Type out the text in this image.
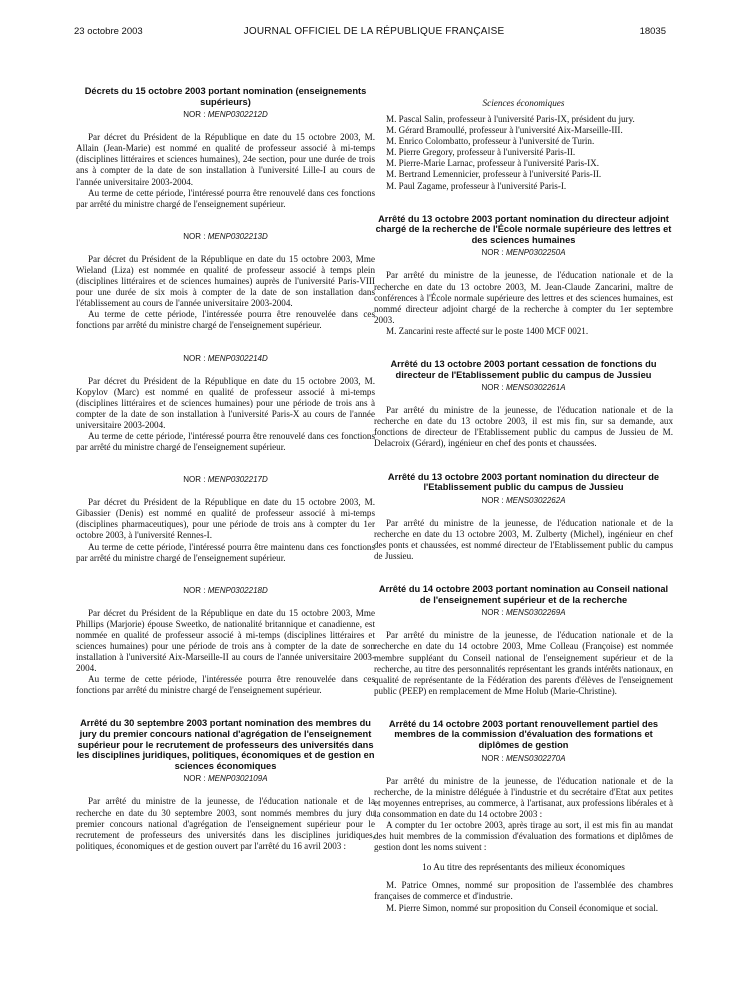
23 octobre 2003	JOURNAL OFFICIEL DE LA RÉPUBLIQUE FRANÇAISE	18035
Décrets du 15 octobre 2003 portant nomination (enseignements supérieurs)
NOR : MENP0302212D

Par décret du Président de la République en date du 15 octobre 2003, M. Allain (Jean-Marie) est nommé en qualité de professeur associé à mi-temps (disciplines littéraires et sciences humaines), 24e section, pour une durée de trois ans à compter de la date de son installation à l'université Lille-I au cours de l'année universitaire 2003-2004.

Au terme de cette période, l'intéressé pourra être renouvelé dans ces fonctions par arrêté du ministre chargé de l'enseignement supérieur.

NOR : MENP0302213D

Par décret du Président de la République en date du 15 octobre 2003, Mme Wieland (Liza) est nommée en qualité de professeur associé à temps plein (disciplines littéraires et de sciences humaines) auprès de l'université Paris-VIII pour une durée de six mois à compter de la date de son installation dans l'établissement au cours de l'année universitaire 2003-2004.

Au terme de cette période, l'intéressée pourra être renouvelée dans ces fonctions par arrêté du ministre chargé de l'enseignement supérieur.

NOR : MENP0302214D

Par décret du Président de la République en date du 15 octobre 2003, M. Kopylov (Marc) est nommé en qualité de professeur associé à mi-temps (disciplines littéraires et de sciences humaines) pour une période de trois ans à compter de la date de son installation à l'université Paris-X au cours de l'année universitaire 2003-2004.

Au terme de cette période, l'intéressé pourra être renouvelé dans ces fonctions par arrêté du ministre chargé de l'enseignement supérieur.

NOR : MENP0302217D

Par décret du Président de la République en date du 15 octobre 2003, M. Gibassier (Denis) est nommé en qualité de professeur associé à mi-temps (disciplines pharmaceutiques), pour une période de trois ans à compter du 1er octobre 2003, à l'université Rennes-I.

Au terme de cette période, l'intéressé pourra être maintenu dans ces fonctions par arrêté du ministre chargé de l'enseignement supérieur.

NOR : MENP0302218D

Par décret du Président de la République en date du 15 octobre 2003, Mme Phillips (Marjorie) épouse Sweetko, de nationalité britannique et canadienne, est nommée en qualité de professeur associé à mi-temps (disciplines littéraires et sciences humaines) pour une période de trois ans à compter de la date de son installation à l'université Aix-Marseille-II au cours de l'année universitaire 2003-2004.

Au terme de cette période, l'intéressée pourra être renouvelée dans ces fonctions par arrêté du ministre chargé de l'enseignement supérieur.

Arrêté du 30 septembre 2003 portant nomination des membres du jury du premier concours national d'agrégation de l'enseignement supérieur pour le recrutement de professeurs des universités dans les disciplines juridiques, politiques, économiques et de gestion en sciences économiques
NOR : MENP0302109A

Par arrêté du ministre de la jeunesse, de l'éducation nationale et de la recherche en date du 30 septembre 2003, sont nommés membres du jury du premier concours national d'agrégation de l'enseignement supérieur pour le recrutement de professeurs des universités dans les disciplines juridiques, politiques, économiques et de gestion ouvert par l'arrêté du 16 avril 2003 :

Sciences économiques

M. Pascal Salin, professeur à l'université Paris-IX, président du jury.

M. Gérard Bramoullé, professeur à l'université Aix-Marseille-III.

M. Enrico Colombatto, professeur à l'université de Turin.

M. Pierre Gregory, professeur à l'université Paris-II.

M. Pierre-Marie Larnac, professeur à l'université Paris-IX.

M. Bertrand Lemennicier, professeur à l'université Paris-II.

M. Paul Zagame, professeur à l'université Paris-I.

Arrêté du 13 octobre 2003 portant nomination du directeur adjoint chargé de la recherche de l'École normale supérieure des lettres et des sciences humaines
NOR : MENP0302250A

Par arrêté du ministre de la jeunesse, de l'éducation nationale et de la recherche en date du 13 octobre 2003, M. Jean-Claude Zancarini, maître de conférences à l'École normale supérieure des lettres et des sciences humaines, est nommé directeur adjoint chargé de la recherche à compter du 1er septembre 2003.

M. Zancarini reste affecté sur le poste 1400 MCF 0021.

Arrêté du 13 octobre 2003 portant cessation de fonctions du directeur de l'Etablissement public du campus de Jussieu
NOR : MENS0302261A

Par arrêté du ministre de la jeunesse, de l'éducation nationale et de la recherche en date du 13 octobre 2003, il est mis fin, sur sa demande, aux fonctions de directeur de l'Etablissement public du campus de Jussieu de M. Delacroix (Gérard), ingénieur en chef des ponts et chaussées.

Arrêté du 13 octobre 2003 portant nomination du directeur de l'Etablissement public du campus de Jussieu
NOR : MENS0302262A

Par arrêté du ministre de la jeunesse, de l'éducation nationale et de la recherche en date du 13 octobre 2003, M. Zulberty (Michel), ingénieur en chef des ponts et chaussées, est nommé directeur de l'Etablissement public du campus de Jussieu.

Arrêté du 14 octobre 2003 portant nomination au Conseil national de l'enseignement supérieur et de la recherche
NOR : MENS0302269A

Par arrêté du ministre de la jeunesse, de l'éducation nationale et de la recherche en date du 14 octobre 2003, Mme Colleau (Françoise) est nommée membre suppléant du Conseil national de l'enseignement supérieur et de la recherche, au titre des personnalités représentant les grands intérêts nationaux, en qualité de représentante de la Fédération des parents d'élèves de l'enseignement public (PEEP) en remplacement de Mme Holub (Marie-Christine).

Arrêté du 14 octobre 2003 portant renouvellement partiel des membres de la commission d'évaluation des formations et diplômes de gestion
NOR : MENS0302270A

Par arrêté du ministre de la jeunesse, de l'éducation nationale et de la recherche, de la ministre déléguée à l'industrie et du secrétaire d'Etat aux petites et moyennes entreprises, au commerce, à l'artisanat, aux professions libérales et à la consommation en date du 14 octobre 2003 :

A compter du 1er octobre 2003, après tirage au sort, il est mis fin au mandat des huit membres de la commission d'évaluation des formations et diplômes de gestion dont les noms suivent :

1o Au titre des représentants des milieux économiques

M. Patrice Omnes, nommé sur proposition de l'assemblée des chambres françaises de commerce et d'industrie.

M. Pierre Simon, nommé sur proposition du Conseil économique et social.
